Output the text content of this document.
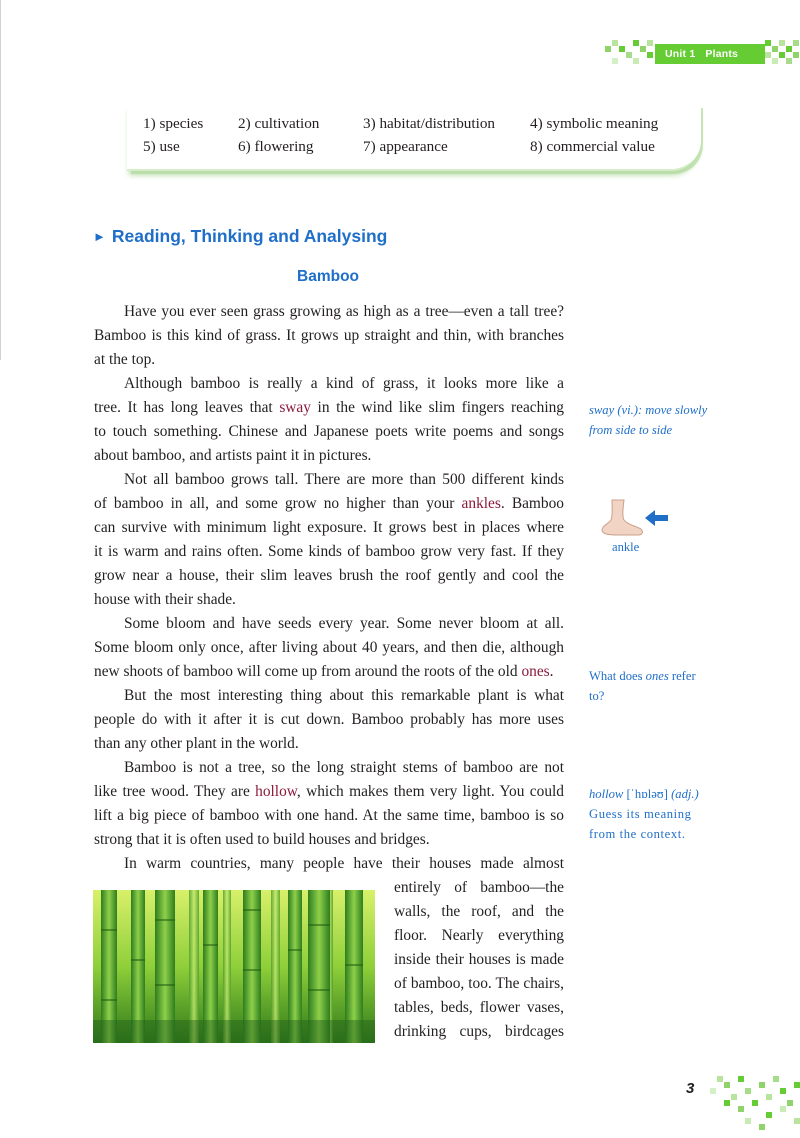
Unit 1 Plants
1) species 2) cultivation	3) habitat/distribution 4) symbolic meaning
5) use	6) flowering	7) appearance	8) commercial value
► Reading, Thinking and Analysing
Bamboo
Have you ever seen grass growing as high as a tree—even a tall tree?
Bamboo is this kind of grass. It grows up straight and thin, with branches
at the top.
Although bamboo is really a kind of grass, it looks more like a
tree. It has long leaves that sway in the wind like slim fingers reaching
to touch something. Chinese and Japanese poets write poems and songs
about bamboo, and artists paint it in pictures.
Not all bamboo grows tall. There are more than 500 different kinds
of bamboo in all, and some grow no higher than your ankles. Bamboo
can survive with minimum light exposure. It grows best in places where
it is warm and rains often. Some kinds of bamboo grow very fast. If they
grow near a house, their slim leaves brush the roof gently and cool the
house with their shade.
Some bloom and have seeds every year. Some never bloom at all.
Some bloom only once, after living about 40 years, and then die, although
new shoots of bamboo will come up from around the roots of the old ones.
But the most interesting thing about this remarkable plant is what
people do with it after it is cut down. Bamboo probably has more uses
than any other plant in the world.
Bamboo is not a tree, so the long straight stems of bamboo are not
like tree wood. They are hollow, which makes them very light. You could
lift a big piece of bamboo with one hand. At the same time, bamboo is so
strong that it is often used to build houses and bridges.
In warm countries, many people have their houses made almost
entirely of bamboo—the
walls, the roof, and the
floor. Nearly everything
inside their houses is made
of bamboo, too. The chairs,
tables, beds, flower vases,
drinking cups, birdcages
sway (vi.): move slowly from side to side
ankle
What does ones refer to?
hollow [ˈhɒləʊ] (adj.) Guess its meaning from the context.
3
